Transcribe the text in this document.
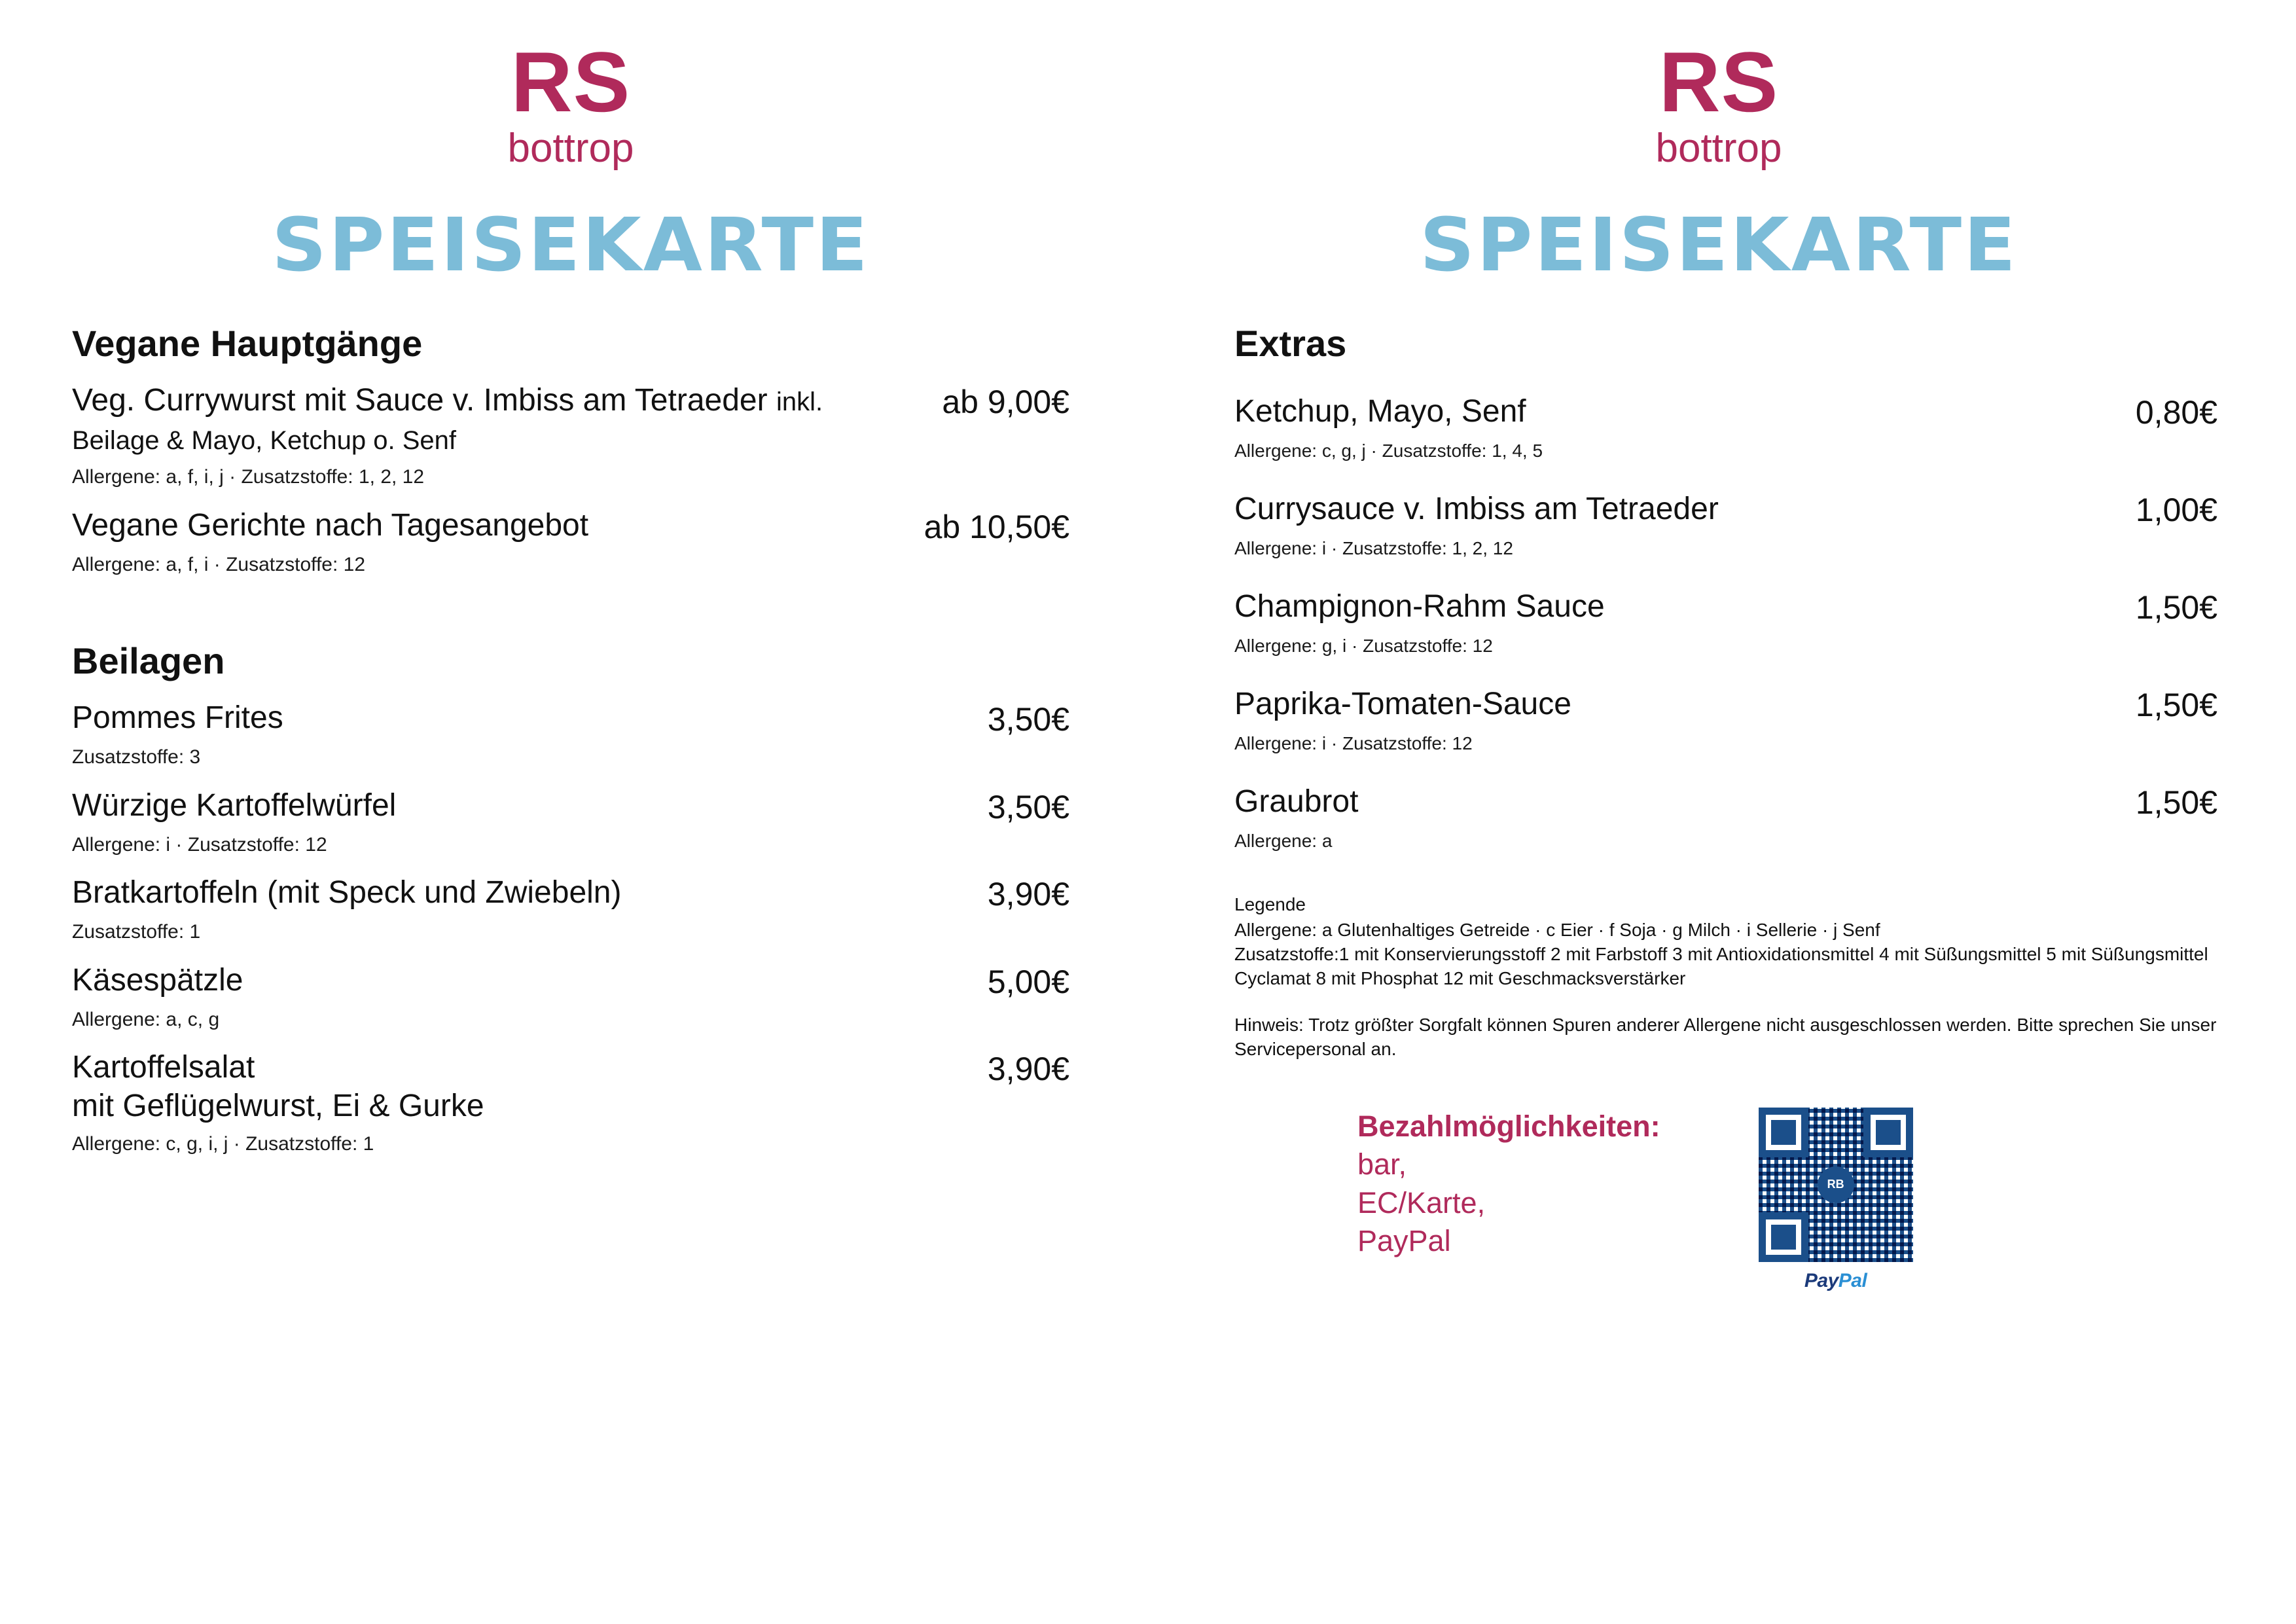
RS
bottrop
SPEISEKARTE
Vegane Hauptgänge
Veg. Currywurst mit Sauce v. Imbiss am Tetraeder inkl. Beilage & Mayo, Ketchup o. Senf
ab 9,00€
Allergene: a, f, i, j · Zusatzstoffe: 1, 2, 12
Vegane Gerichte nach Tagesangebot	ab 10,50€
Allergene: a, f, i · Zusatzstoffe: 12
Beilagen
Pommes Frites	3,50€
Zusatzstoffe: 3
Würzige Kartoffelwürfel	3,50€
Allergene: i · Zusatzstoffe: 12
Bratkartoffeln (mit Speck und Zwiebeln)	3,90€
Zusatzstoffe: 1
Käsespätzle	5,00€
Allergene: a, c, g
Kartoffelsalat
mit Geflügelwurst, Ei & Gurke
3,90€
Allergene: c, g, i, j · Zusatzstoffe: 1
RS
bottrop
SPEISEKARTE
Extras
Ketchup, Mayo, Senf	0,80€
Allergene: c, g, j · Zusatzstoffe: 1, 4, 5
Currysauce v. Imbiss am Tetraeder	1,00€
Allergene: i · Zusatzstoffe: 1, 2, 12
Champignon-Rahm Sauce	1,50€
Allergene: g, i · Zusatzstoffe: 12
Paprika-Tomaten-Sauce	1,50€
Allergene: i · Zusatzstoffe: 12
Graubrot	1,50€
Allergene: a
Legende
Allergene: a Glutenhaltiges Getreide · c Eier · f Soja · g Milch · i Sellerie · j Senf
Zusatzstoffe:1 mit Konservierungsstoff 2 mit Farbstoff 3 mit Antioxidationsmittel 4 mit Süßungsmittel 5 mit Süßungsmittel Cyclamat 8 mit Phosphat 12 mit Geschmacksverstärker
Hinweis: Trotz größter Sorgfalt können Spuren anderer Allergene nicht ausgeschlossen werden. Bitte sprechen Sie unser Servicepersonal an.
Bezahlmöglichkeiten:
bar,
EC/Karte,
PayPal
RB
PayPal
